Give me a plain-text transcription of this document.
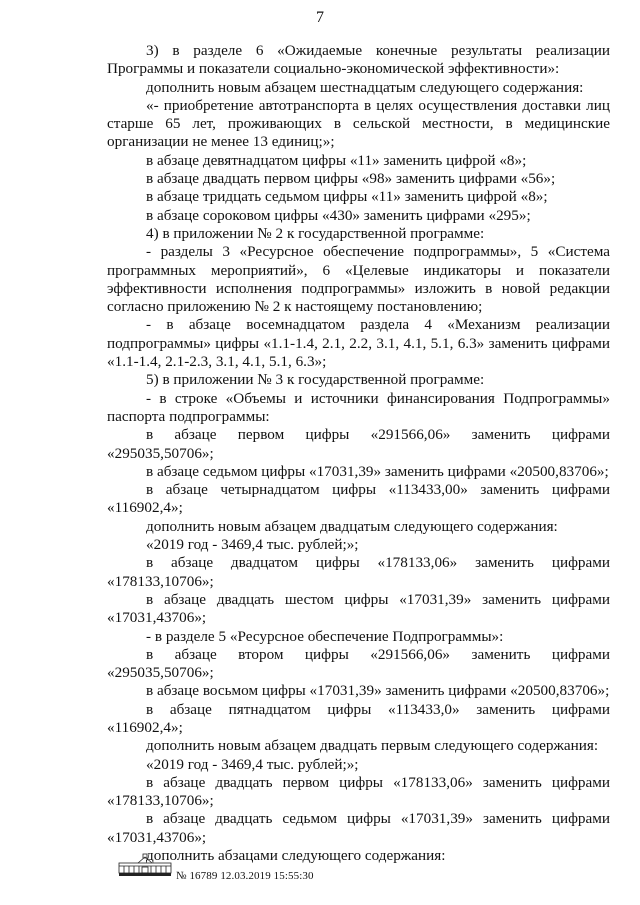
7

3) в разделе 6 «Ожидаемые конечные результаты реализации Программы и показатели социально-экономической эффективности»:

дополнить новым абзацем шестнадцатым следующего содержания:

«- приобретение автотранспорта в целях осуществления доставки лиц старше 65 лет, проживающих в сельской местности, в медицинские организации не менее 13 единиц;»;

в абзаце девятнадцатом цифры «11» заменить цифрой «8»;

в абзаце двадцать первом цифры «98» заменить цифрами «56»;

в абзаце тридцать седьмом цифры «11» заменить цифрой «8»;

в абзаце сороковом цифры «430» заменить цифрами «295»;

4) в приложении № 2 к государственной программе:

- разделы 3 «Ресурсное обеспечение подпрограммы», 5 «Система программных мероприятий», 6 «Целевые индикаторы и показатели эффективности исполнения подпрограммы» изложить в новой редакции согласно приложению № 2 к настоящему постановлению;

- в абзаце восемнадцатом раздела 4 «Механизм реализации подпрограммы» цифры «1.1-1.4, 2.1, 2.2, 3.1, 4.1, 5.1, 6.3» заменить цифрами «1.1-1.4, 2.1-2.3, 3.1, 4.1, 5.1, 6.3»;

5) в приложении № 3 к государственной программе:

- в строке «Объемы и источники финансирования Подпрограммы» паспорта подпрограммы:

в абзаце первом цифры «291566,06» заменить цифрами «295035,50706»;

в абзаце седьмом цифры «17031,39» заменить цифрами «20500,83706»;

в абзаце четырнадцатом цифры «113433,00» заменить цифрами «116902,4»;

дополнить новым абзацем двадцатым следующего содержания:

«2019 год - 3469,4 тыс. рублей;»;

в абзаце двадцатом цифры «178133,06» заменить цифрами «178133,10706»;

в абзаце двадцать шестом цифры «17031,39» заменить цифрами «17031,43706»;

- в разделе 5 «Ресурсное обеспечение Подпрограммы»:

в абзаце втором цифры «291566,06» заменить цифрами «295035,50706»;

в абзаце восьмом цифры «17031,39» заменить цифрами «20500,83706»;

в абзаце пятнадцатом цифры «113433,0» заменить цифрами «116902,4»;

дополнить новым абзацем двадцать первым следующего содержания:

«2019 год - 3469,4 тыс. рублей;»;

в абзаце двадцать первом цифры «178133,06» заменить цифрами «178133,10706»;

в абзаце двадцать седьмом цифры «17031,39» заменить цифрами «17031,43706»;

дополнить абзацами следующего содержания:

№ 16789 12.03.2019 15:55:30
